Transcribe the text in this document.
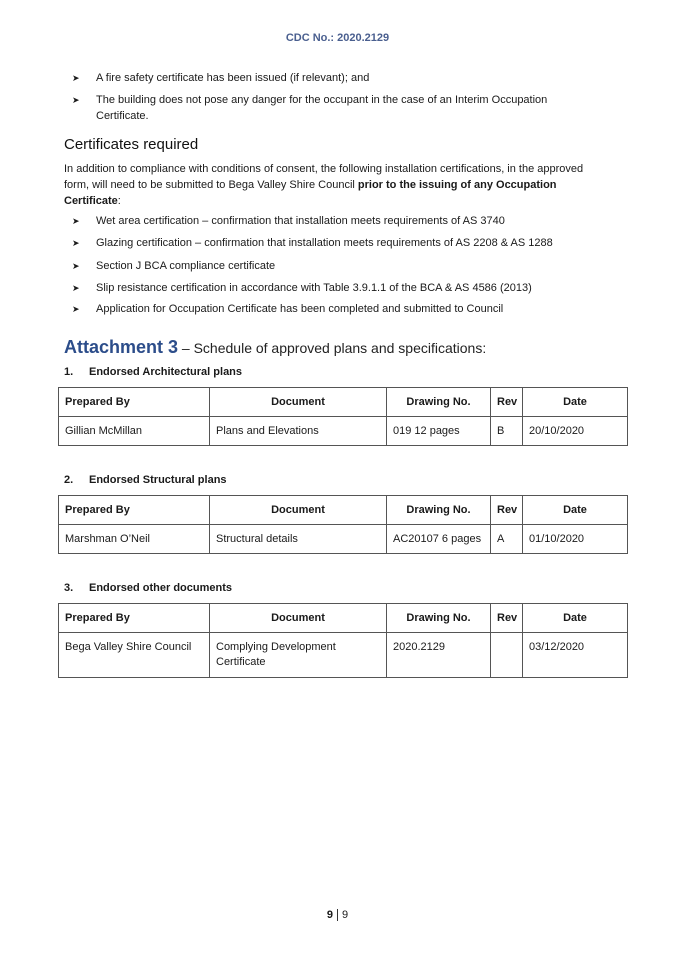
CDC No.: 2020.2129
➤	A fire safety certificate has been issued (if relevant); and
➤	The building does not pose any danger for the occupant in the case of an Interim Occupation Certificate.
Certificates required
In addition to compliance with conditions of consent, the following installation certifications, in the approved form, will need to be submitted to Bega Valley Shire Council prior to the issuing of any Occupation Certificate:
➤	Wet area certification – confirmation that installation meets requirements of AS 3740
➤	Glazing certification – confirmation that installation meets requirements of AS 2208 & AS 1288
➤	Section J BCA compliance certificate
➤	Slip resistance certification in accordance with Table 3.9.1.1 of the BCA & AS 4586 (2013)
➤	Application for Occupation Certificate has been completed and submitted to Council
Attachment 3 – Schedule of approved plans and specifications:
1. Endorsed Architectural plans
Prepared By	Document	Drawing No.	Rev	Date
Gillian McMillan	Plans and Elevations	019 12 pages	B	20/10/2020
2. Endorsed Structural plans
Prepared By	Document	Drawing No.	Rev	Date
Marshman O’Neil	Structural details	AC20107 6 pages	A	01/10/2020
3. Endorsed other documents
Prepared By	Document	Drawing No.	Rev	Date
Bega Valley Shire Council	Complying Development Certificate	2020.2129		03/12/2020
9 9
